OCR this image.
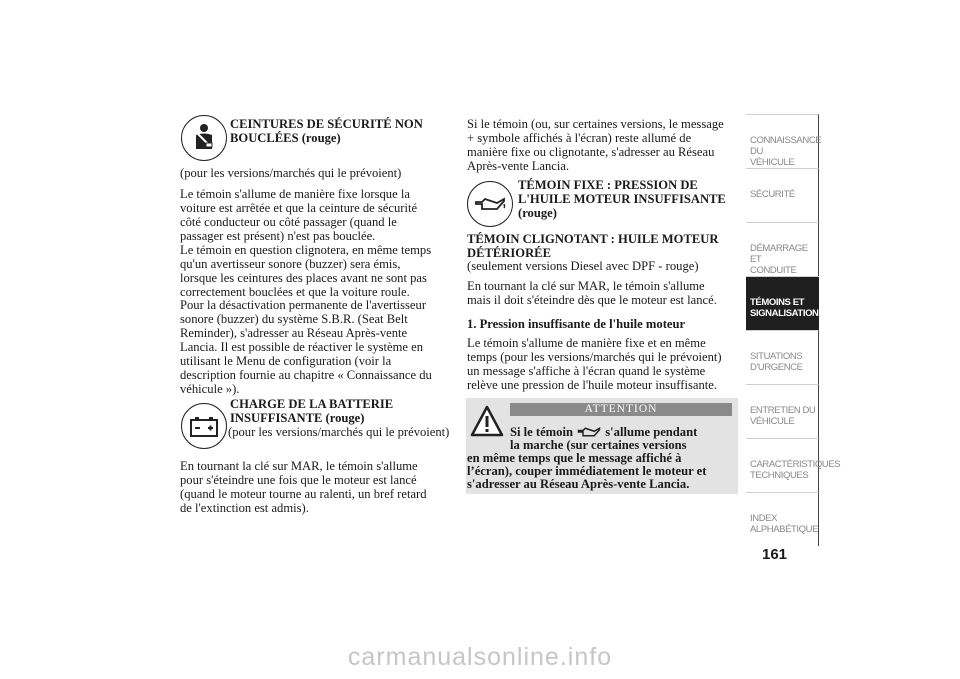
CEINTURES DE SÉCURITÉ NON
BOUCLÉES (rouge)

(pour les versions/marchés qui le prévoient)

Le témoin s'allume de manière fixe lorsque la
voiture est arrêtée et que la ceinture de sécurité
côté conducteur ou côté passager (quand le
passager est présent) n'est pas bouclée.

Le témoin en question clignotera, en même temps
qu'un avertisseur sonore (buzzer) sera émis,
lorsque les ceintures des places avant ne sont pas
correctement bouclées et que la voiture roule.

Pour la désactivation permanente de l'avertisseur
sonore (buzzer) du système S.B.R. (Seat Belt
Reminder), s'adresser au Réseau Après-vente
Lancia. Il est possible de réactiver le système en
utilisant le Menu de configuration (voir la
description fournie au chapitre « Connaissance du
véhicule »).

CHARGE DE LA BATTERIE
INSUFFISANTE (rouge)

(pour les versions/marchés qui le prévoient)

En tournant la clé sur MAR, le témoin s'allume
pour s'éteindre une fois que le moteur est lancé
(quand le moteur tourne au ralenti, un bref retard
de l'extinction est admis).

Si le témoin (ou, sur certaines versions, le message
+ symbole affichés à l'écran) reste allumé de
manière fixe ou clignotante, s'adresser au Réseau
Après-vente Lancia.

TÉMOIN FIXE : PRESSION DE
L'HUILE MOTEUR INSUFFISANTE
(rouge)

TÉMOIN CLIGNOTANT : HUILE MOTEUR
DÉTÉRIORÉE

(seulement versions Diesel avec DPF - rouge)

En tournant la clé sur MAR, le témoin s'allume
mais il doit s'éteindre dès que le moteur est lancé.

1. Pression insuffisante de l'huile moteur

Le témoin s'allume de manière fixe et en même
temps (pour les versions/marchés qui le prévoient)
un message s'affiche à l'écran quand le système
relève une pression de l'huile moteur insuffisante.

ATTENTION

Si le témoin	s'allume pendant

la marche (sur certaines versions

en même temps que le message affiché à

l’écran), couper immédiatement le moteur et

s'adresser au Réseau Après-vente Lancia.

CONNAISSANCE DU
VÉHICULE
SÉCURITÉ

DÉMARRAGE ET
CONDUITE
TÉMOINS ET
SIGNALISATION
SITUATIONS
D'URGENCE
ENTRETIEN DU
VÉHICULE
CARACTÉRISTIQUES
TECHNIQUES
INDEX
ALPHABÉTIQUE
161
carmanualsonline.info
